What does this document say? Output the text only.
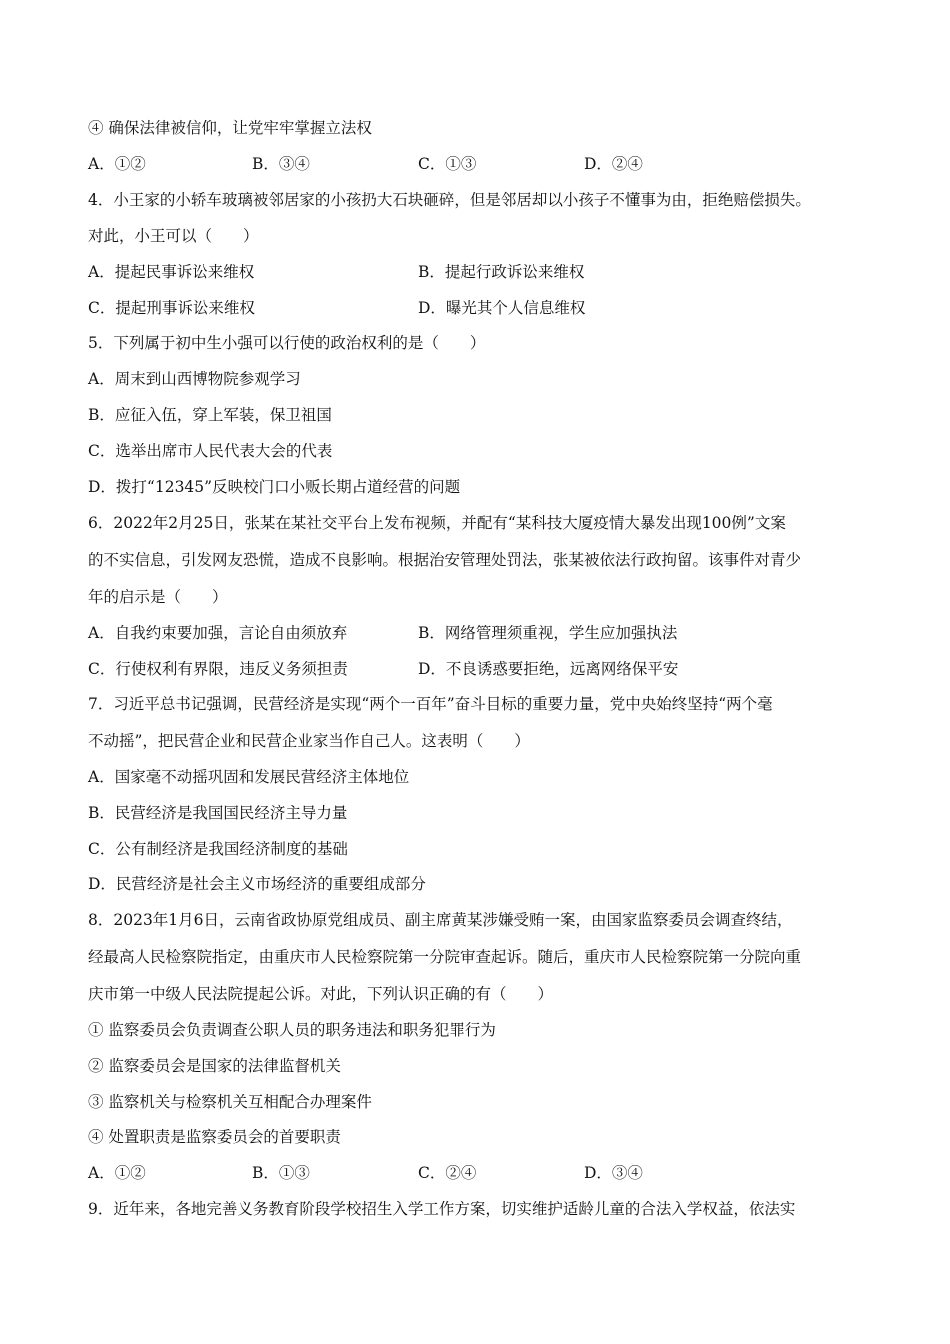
④ 确保法律被信仰，让党牢牢掌握立法权
A．①②	B．③④	C．①③	D．②④
4．小王家的小轿车玻璃被邻居家的小孩扔大石块砸碎，但是邻居却以小孩子不懂事为由，拒绝赔偿损失。
对此，小王可以（　　）
A．提起民事诉讼来维权	B．提起行政诉讼来维权
C．提起刑事诉讼来维权	D．曝光其个人信息维权
5．下列属于初中生小强可以行使的政治权利的是（　　）
A．周末到山西博物院参观学习
B．应征入伍，穿上军装，保卫祖国
C．选举出席市人民代表大会的代表
D．拨打“12345”反映校门口小贩长期占道经营的问题
6．2022年2月25日，张某在某社交平台上发布视频，并配有“某科技大厦疫情大暴发出现100例”文案
的不实信息，引发网友恐慌，造成不良影响。根据治安管理处罚法，张某被依法行政拘留。该事件对青少
年的启示是（　　）
A．自我约束要加强，言论自由须放弃	B．网络管理须重视，学生应加强执法
C．行使权利有界限，违反义务须担责	D．不良诱惑要拒绝，远离网络保平安
7．习近平总书记强调，民营经济是实现“两个一百年”奋斗目标的重要力量，党中央始终坚持“两个毫
不动摇”，把民营企业和民营企业家当作自己人。这表明（　　）
A．国家毫不动摇巩固和发展民营经济主体地位
B．民营经济是我国国民经济主导力量
C．公有制经济是我国经济制度的基础
D．民营经济是社会主义市场经济的重要组成部分
8．2023年1月6日，云南省政协原党组成员、副主席黄某涉嫌受贿一案，由国家监察委员会调查终结，
经最高人民检察院指定，由重庆市人民检察院第一分院审查起诉。随后，重庆市人民检察院第一分院向重
庆市第一中级人民法院提起公诉。对此，下列认识正确的有（　　）
① 监察委员会负责调查公职人员的职务违法和职务犯罪行为
② 监察委员会是国家的法律监督机关
③ 监察机关与检察机关互相配合办理案件
④ 处置职责是监察委员会的首要职责
A．①②	B．①③	C．②④	D．③④
9．近年来，各地完善义务教育阶段学校招生入学工作方案，切实维护适龄儿童的合法入学权益，依法实
